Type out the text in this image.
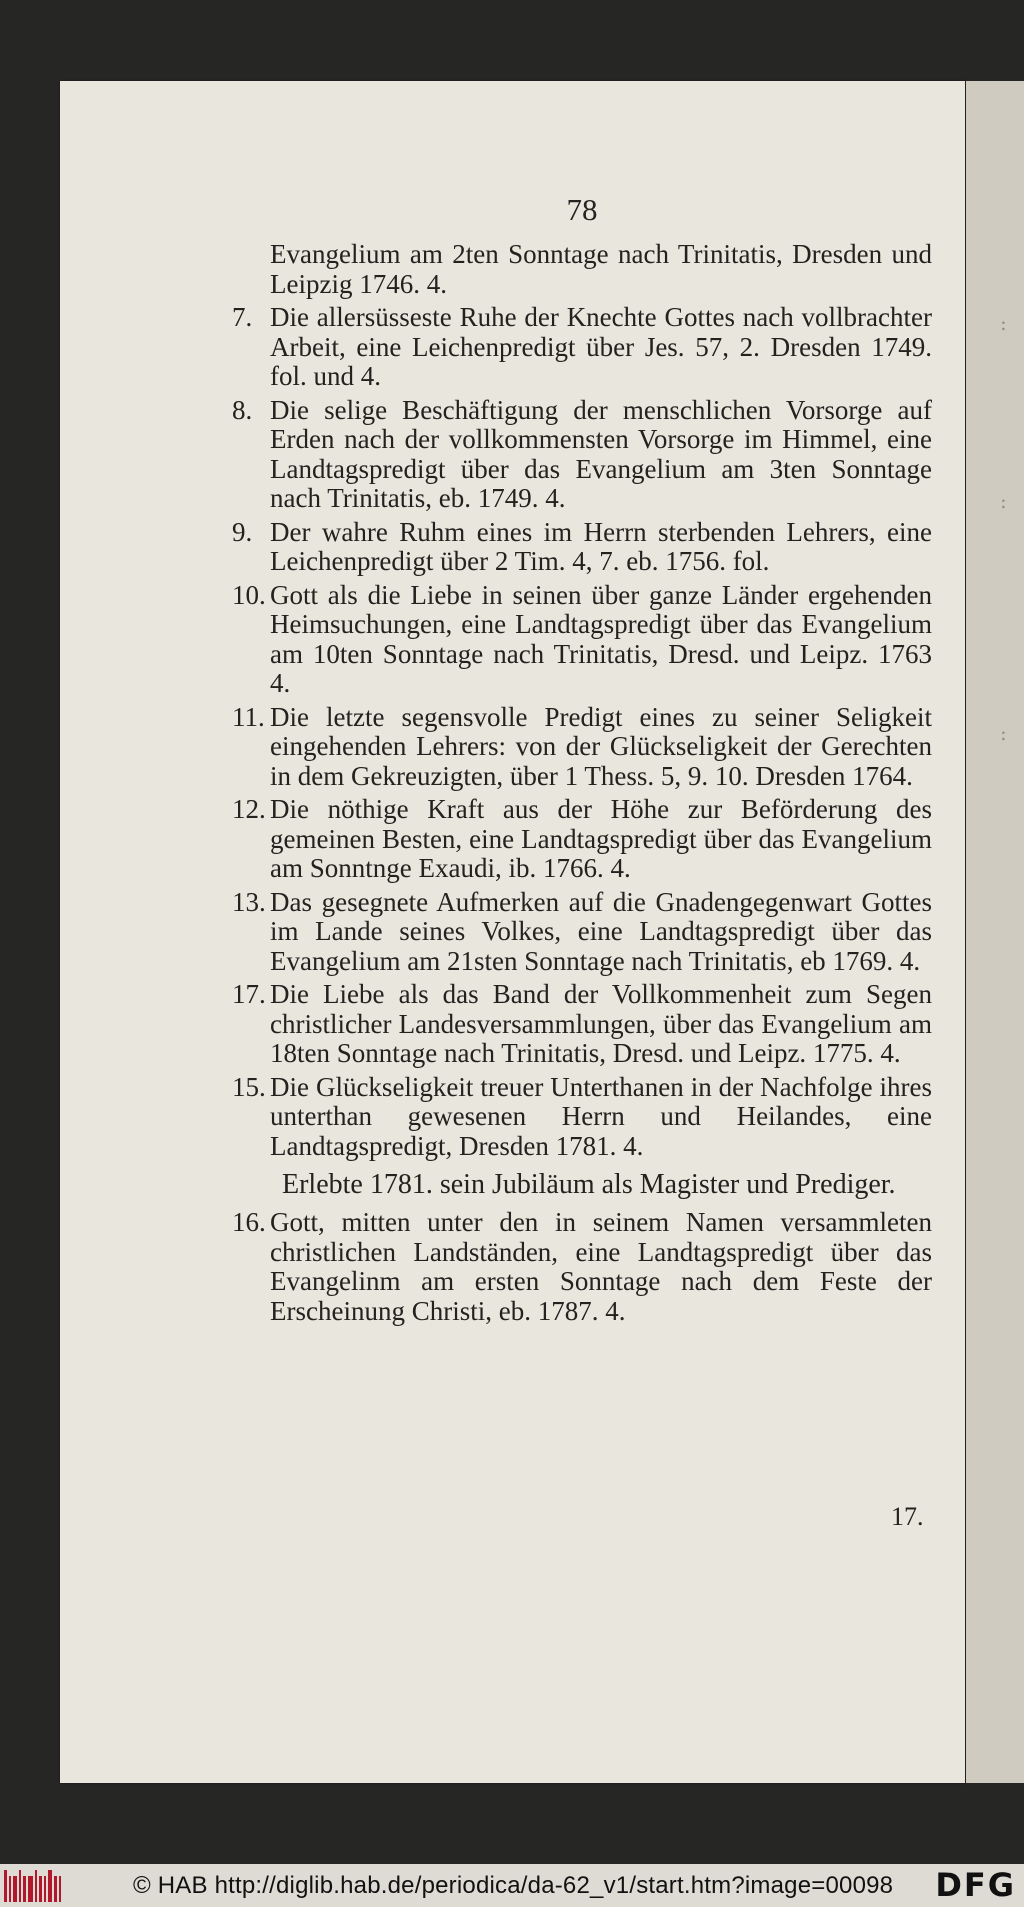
:
:
:
78
Evangelium am 2ten Sonntage nach Trinitatis, Dresden und Leipzig 1746. 4.
7. Die allersüsseste Ruhe der Knechte Gottes nach vollbrachter Arbeit, eine Leichenpredigt über Jes. 57, 2. Dresden 1749. fol. und 4.
8. Die selige Beschäftigung der menschlichen Vorsorge auf Erden nach der vollkommensten Vorsorge im Himmel, eine Landtagspredigt über das Evangelium am 3ten Sonntage nach Trinitatis, eb. 1749. 4.
9. Der wahre Ruhm eines im Herrn sterbenden Lehrers, eine Leichenpredigt über 2 Tim. 4, 7. eb. 1756. fol.
10. Gott als die Liebe in seinen über ganze Länder ergehenden Heimsuchungen, eine Landtagspredigt über das Evangelium am 10ten Sonntage nach Trinitatis, Dresd. und Leipz. 1763 4.
11. Die letzte segensvolle Predigt eines zu seiner Seligkeit eingehenden Lehrers: von der Glückseligkeit der Gerechten in dem Gekreuzigten, über 1 Thess. 5, 9. 10. Dresden 1764.
12. Die nöthige Kraft aus der Höhe zur Beförderung des gemeinen Besten, eine Landtagspredigt über das Evangelium am Sonntnge Exaudi, ib. 1766. 4.
13. Das gesegnete Aufmerken auf die Gnadengegenwart Gottes im Lande seines Volkes, eine Landtagspredigt über das Evangelium am 21sten Sonntage nach Trinitatis, eb 1769. 4.
17. Die Liebe als das Band der Vollkommenheit zum Segen christlicher Landesversammlungen, über das Evangelium am 18ten Sonntage nach Trinitatis, Dresd. und Leipz. 1775. 4.
15. Die Glückseligkeit treuer Unterthanen in der Nachfolge ihres unterthan gewesenen Herrn und Heilandes, eine Landtagspredigt, Dresden 1781. 4.
Erlebte 1781. sein Jubiläum als Magister und Prediger.
16. Gott, mitten unter den in seinem Namen versammleten christlichen Landständen, eine Landtagspredigt über das Evangelinm am ersten Sonntage nach dem Feste der Erscheinung Christi, eb. 1787. 4.
17.
© HAB http://diglib.hab.de/periodica/da-62_v1/start.htm?image=00098 DFG
